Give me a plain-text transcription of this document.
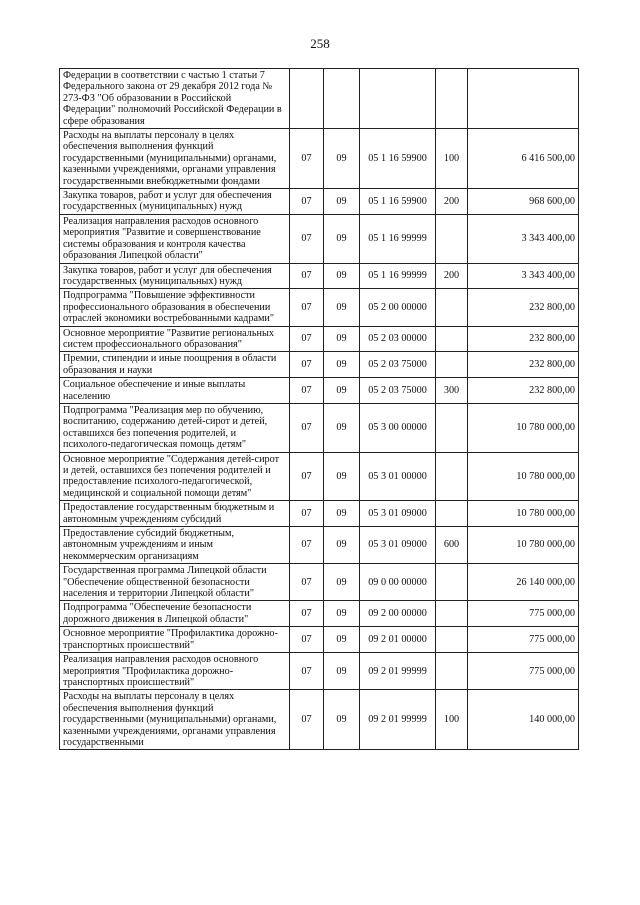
258
Федерации в соответствии с частью 1 статьи 7 Федерального закона от 29 декабря 2012 года № 273-ФЗ "Об образовании в Российской Федерации" полномочий Российской Федерации в сфере образования					
Расходы на выплаты персоналу в целях обеспечения выполнения функций государственными (муниципальными) органами, казенными учреждениями, органами управления государственными внебюджетными фондами	07	09	05 1 16 59900	100	6 416 500,00
Закупка товаров, работ и услуг для обеспечения государственных (муниципальных) нужд	07	09	05 1 16 59900	200	968 600,00
Реализация направления расходов основного мероприятия "Развитие и совершенствование системы образования и контроля качества образования Липецкой области"	07	09	05 1 16 99999		3 343 400,00
Закупка товаров, работ и услуг для обеспечения государственных (муниципальных) нужд	07	09	05 1 16 99999	200	3 343 400,00
Подпрограмма "Повышение эффективности профессионального образования в обеспечении отраслей экономики востребованными кадрами"	07	09	05 2 00 00000		232 800,00
Основное мероприятие "Развитие региональных систем профессионального образования"	07	09	05 2 03 00000		232 800,00
Премии, стипендии и иные поощрения в области образования и науки	07	09	05 2 03 75000		232 800,00
Социальное обеспечение и иные выплаты населению	07	09	05 2 03 75000	300	232 800,00
Подпрограмма "Реализация мер по обучению, воспитанию, содержанию детей-сирот и детей, оставшихся без попечения родителей, и психолого-педагогическая помощь детям"	07	09	05 3 00 00000		10 780 000,00
Основное мероприятие "Содержания детей-сирот и детей, оставшихся без попечения родителей и предоставление психолого-педагогической, медицинской и социальной помощи детям"	07	09	05 3 01 00000		10 780 000,00
Предоставление государственным бюджетным и автономным учреждениям субсидий	07	09	05 3 01 09000		10 780 000,00
Предоставление субсидий бюджетным, автономным учреждениям и иным некоммерческим организациям	07	09	05 3 01 09000	600	10 780 000,00
Государственная программа Липецкой области "Обеспечение общественной безопасности населения и территории Липецкой области"	07	09	09 0 00 00000		26 140 000,00
Подпрограмма "Обеспечение безопасности дорожного движения в Липецкой области"	07	09	09 2 00 00000		775 000,00
Основное мероприятие "Профилактика дорожно-транспортных происшествий"	07	09	09 2 01 00000		775 000,00
Реализация направления расходов основного мероприятия "Профилактика дорожно-транспортных происшествий"	07	09	09 2 01 99999		775 000,00
Расходы на выплаты персоналу в целях обеспечения выполнения функций государственными (муниципальными) органами, казенными учреждениями, органами управления государственными	07	09	09 2 01 99999	100	140 000,00
